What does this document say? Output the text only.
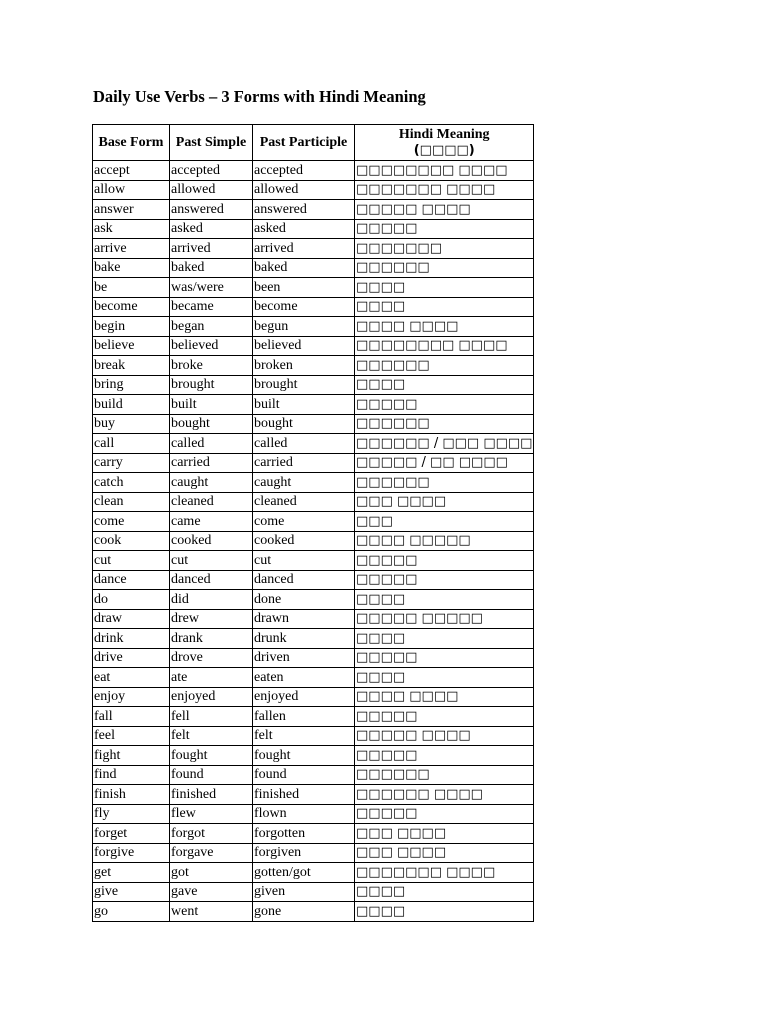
Daily Use Verbs – 3 Forms with Hindi Meaning
Base Form	Past Simple	Past Participle	Hindi Meaning
(□□□□)
accept	accepted	accepted	□□□□□□□□ □□□□
allow	allowed	allowed	□□□□□□□ □□□□
answer	answered	answered	□□□□□ □□□□
ask	asked	asked	□□□□□
arrive	arrived	arrived	□□□□□□□
bake	baked	baked	□□□□□□
be	was/were	been	□□□□
become	became	become	□□□□
begin	began	begun	□□□□ □□□□
believe	believed	believed	□□□□□□□□ □□□□
break	broke	broken	□□□□□□
bring	brought	brought	□□□□
build	built	built	□□□□□
buy	bought	bought	□□□□□□
call	called	called	□□□□□□ / □□□ □□□□
carry	carried	carried	□□□□□ / □□ □□□□
catch	caught	caught	□□□□□□
clean	cleaned	cleaned	□□□ □□□□
come	came	come	□□□
cook	cooked	cooked	□□□□ □□□□□
cut	cut	cut	□□□□□
dance	danced	danced	□□□□□
do	did	done	□□□□
draw	drew	drawn	□□□□□ □□□□□
drink	drank	drunk	□□□□
drive	drove	driven	□□□□□
eat	ate	eaten	□□□□
enjoy	enjoyed	enjoyed	□□□□ □□□□
fall	fell	fallen	□□□□□
feel	felt	felt	□□□□□ □□□□
fight	fought	fought	□□□□□
find	found	found	□□□□□□
finish	finished	finished	□□□□□□ □□□□
fly	flew	flown	□□□□□
forget	forgot	forgotten	□□□ □□□□
forgive	forgave	forgiven	□□□ □□□□
get	got	gotten/got	□□□□□□□ □□□□
give	gave	given	□□□□
go	went	gone	□□□□
